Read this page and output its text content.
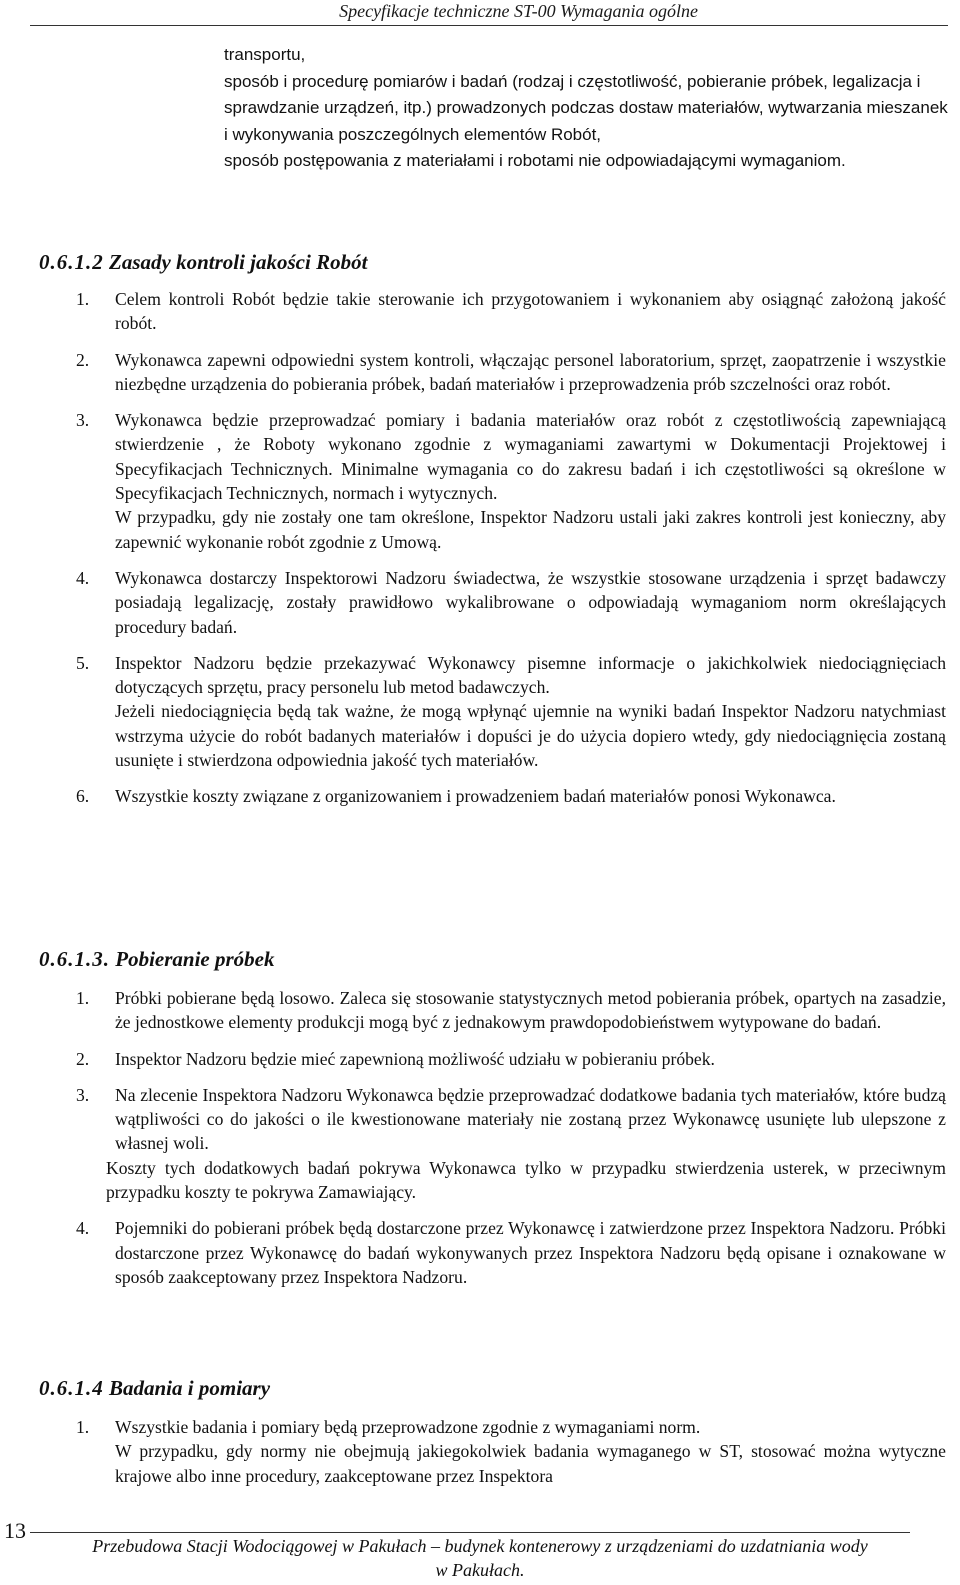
Specyfikacje techniczne ST-00 Wymagania ogólne

transportu,

sposób i procedurę pomiarów i badań (rodzaj i częstotliwość, pobieranie próbek, legalizacja i sprawdzanie urządzeń, itp.) prowadzonych podczas dostaw materiałów, wytwarzania mieszanek i wykonywania poszczególnych elementów Robót,

sposób postępowania z materiałami i robotami nie odpowiadającymi wymaganiom.

0.6.1.2 Zasady kontroli jakości Robót
1. Celem kontroli Robót będzie takie sterowanie ich przygotowaniem i wykonaniem aby osiągnąć założoną jakość robót.

2. Wykonawca zapewni odpowiedni system kontroli, włączając personel laboratorium, sprzęt, zaopatrzenie i wszystkie niezbędne urządzenia do pobierania próbek, badań materiałów i przeprowadzenia prób szczelności oraz robót.

3. Wykonawca będzie przeprowadzać pomiary i badania materiałów oraz robót z częstotliwością zapewniającą stwierdzenie , że Roboty wykonano zgodnie z wymaganiami zawartymi w Dokumentacji Projektowej i Specyfikacjach Technicznych. Minimalne wymagania co do zakresu badań i ich częstotliwości są określone w Specyfikacjach Technicznych, normach i wytycznych.

W przypadku, gdy nie zostały one tam określone, Inspektor Nadzoru ustali jaki zakres kontroli jest konieczny, aby zapewnić wykonanie robót zgodnie z Umową.

4. Wykonawca dostarczy Inspektorowi Nadzoru świadectwa, że wszystkie stosowane urządzenia i sprzęt badawczy posiadają legalizację, zostały prawidłowo wykalibrowane o odpowiadają wymaganiom norm określających procedury badań.

5. Inspektor Nadzoru będzie przekazywać Wykonawcy pisemne informacje o jakichkolwiek niedociągnięciach dotyczących sprzętu, pracy personelu lub metod badawczych.

Jeżeli niedociągnięcia będą tak ważne, że mogą wpłynąć ujemnie na wyniki badań Inspektor Nadzoru natychmiast wstrzyma użycie do robót badanych materiałów i dopuści je do użycia dopiero wtedy, gdy niedociągnięcia zostaną usunięte i stwierdzona odpowiednia jakość tych materiałów.

6. Wszystkie koszty związane z organizowaniem i prowadzeniem badań materiałów ponosi Wykonawca.

0.6.1.3. Pobieranie próbek
1. Próbki pobierane będą losowo. Zaleca się stosowanie statystycznych metod pobierania próbek, opartych na zasadzie, że jednostkowe elementy produkcji mogą być z jednakowym prawdopodobieństwem wytypowane do badań.

2. Inspektor Nadzoru będzie mieć zapewnioną możliwość udziału w pobieraniu próbek.

3. Na zlecenie Inspektora Nadzoru Wykonawca będzie przeprowadzać dodatkowe badania tych materiałów, które budzą wątpliwości co do jakości o ile kwestionowane materiały nie zostaną przez Wykonawcę usunięte lub ulepszone z własnej woli.

Koszty tych dodatkowych badań pokrywa Wykonawca tylko w przypadku stwierdzenia usterek, w przeciwnym przypadku koszty te pokrywa Zamawiający.

4. Pojemniki do pobierani próbek będą dostarczone przez Wykonawcę i zatwierdzone przez Inspektora Nadzoru. Próbki dostarczone przez Wykonawcę do badań wykonywanych przez Inspektora Nadzoru będą opisane i oznakowane w sposób zaakceptowany przez Inspektora Nadzoru.

0.6.1.4 Badania i pomiary
1. Wszystkie badania i pomiary będą przeprowadzone zgodnie z wymaganiami norm.

W przypadku, gdy normy nie obejmują jakiegokolwiek badania wymaganego w ST, stosować można wytyczne krajowe albo inne procedury, zaakceptowane przez Inspektora

13
Przebudowa Stacji Wodociągowej w Pakułach – budynek kontenerowy z urządzeniami do uzdatniania wody
w Pakułach.
